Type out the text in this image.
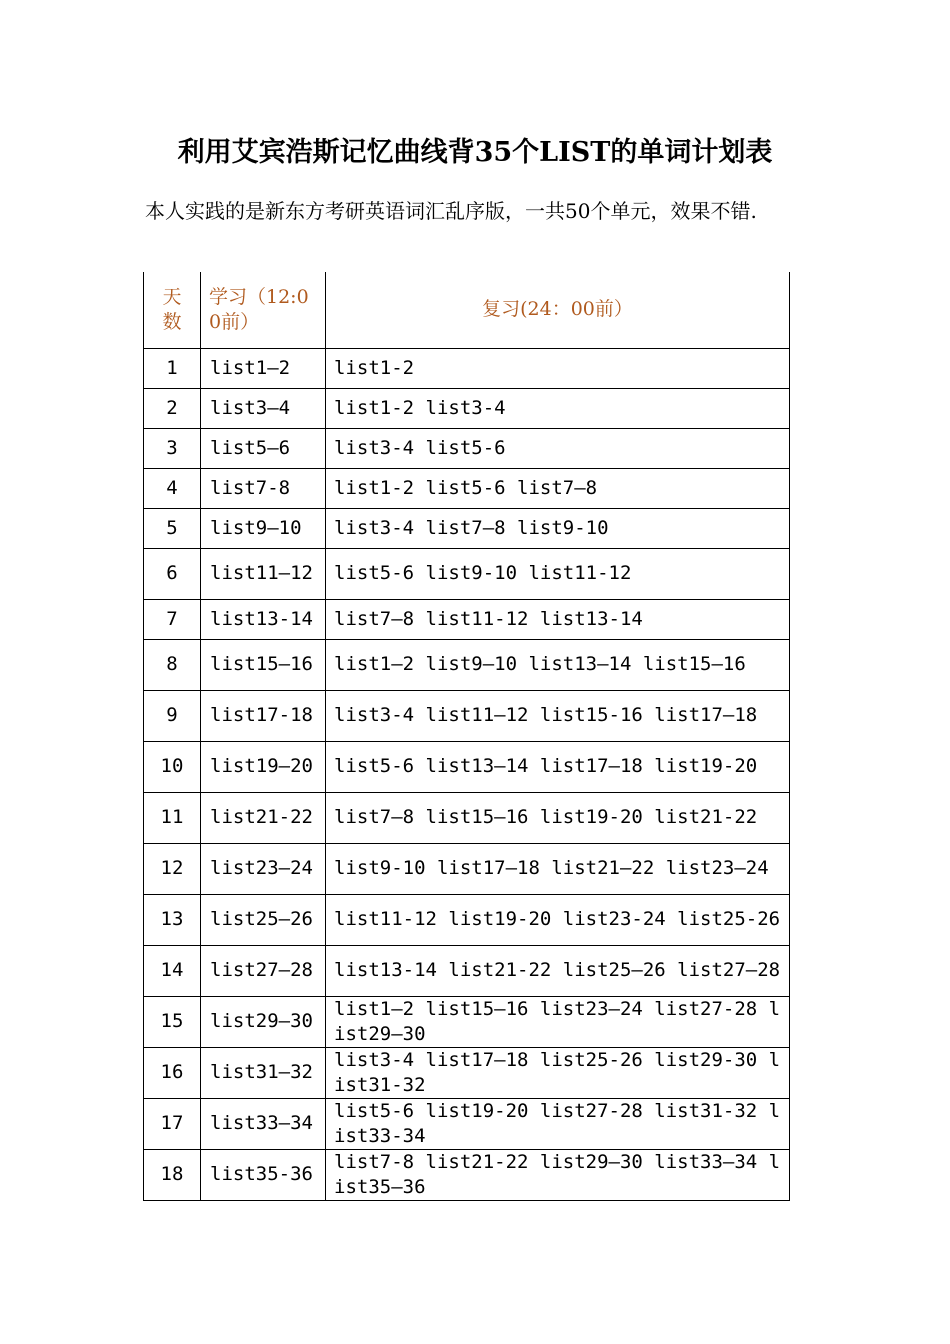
利用艾宾浩斯记忆曲线背35个LIST的单词计划表
本人实践的是新东方考研英语词汇乱序版，一共50个单元，效果不错.
天数	学习（12:00前）	复习(24：00前）
1	list1—2	list1-2
2	list3—4	list1-2 list3-4
3	list5—6	list3-4 list5-6
4	list7-8	list1-2 list5-6 list7—8
5	list9—10	list3-4 list7—8 list9-10
6	list11—12	list5-6 list9-10 list11-12
7	list13-14	list7—8 list11-12 list13-14
8	list15—16	list1—2 list9—10 list13—14 list15—16
9	list17-18	list3-4 list11—12 list15-16 list17—18
10	list19—20	list5-6 list13—14 list17—18 list19-20
11	list21-22	list7—8 list15—16 list19-20 list21-22
12	list23—24	list9-10 list17—18 list21—22 list23—24
13	list25—26	list11-12 list19-20 list23-24 list25-26
14	list27—28	list13-14 list21-22 list25—26 list27—28
15	list29—30	list1—2 list15—16 list23—24 list27-28 list29—30
16	list31—32	list3-4 list17—18 list25-26 list29-30 list31-32
17	list33—34	list5-6 list19-20 list27-28 list31-32 list33-34
18	list35-36	list7-8 list21-22 list29—30 list33—34 list35—36
